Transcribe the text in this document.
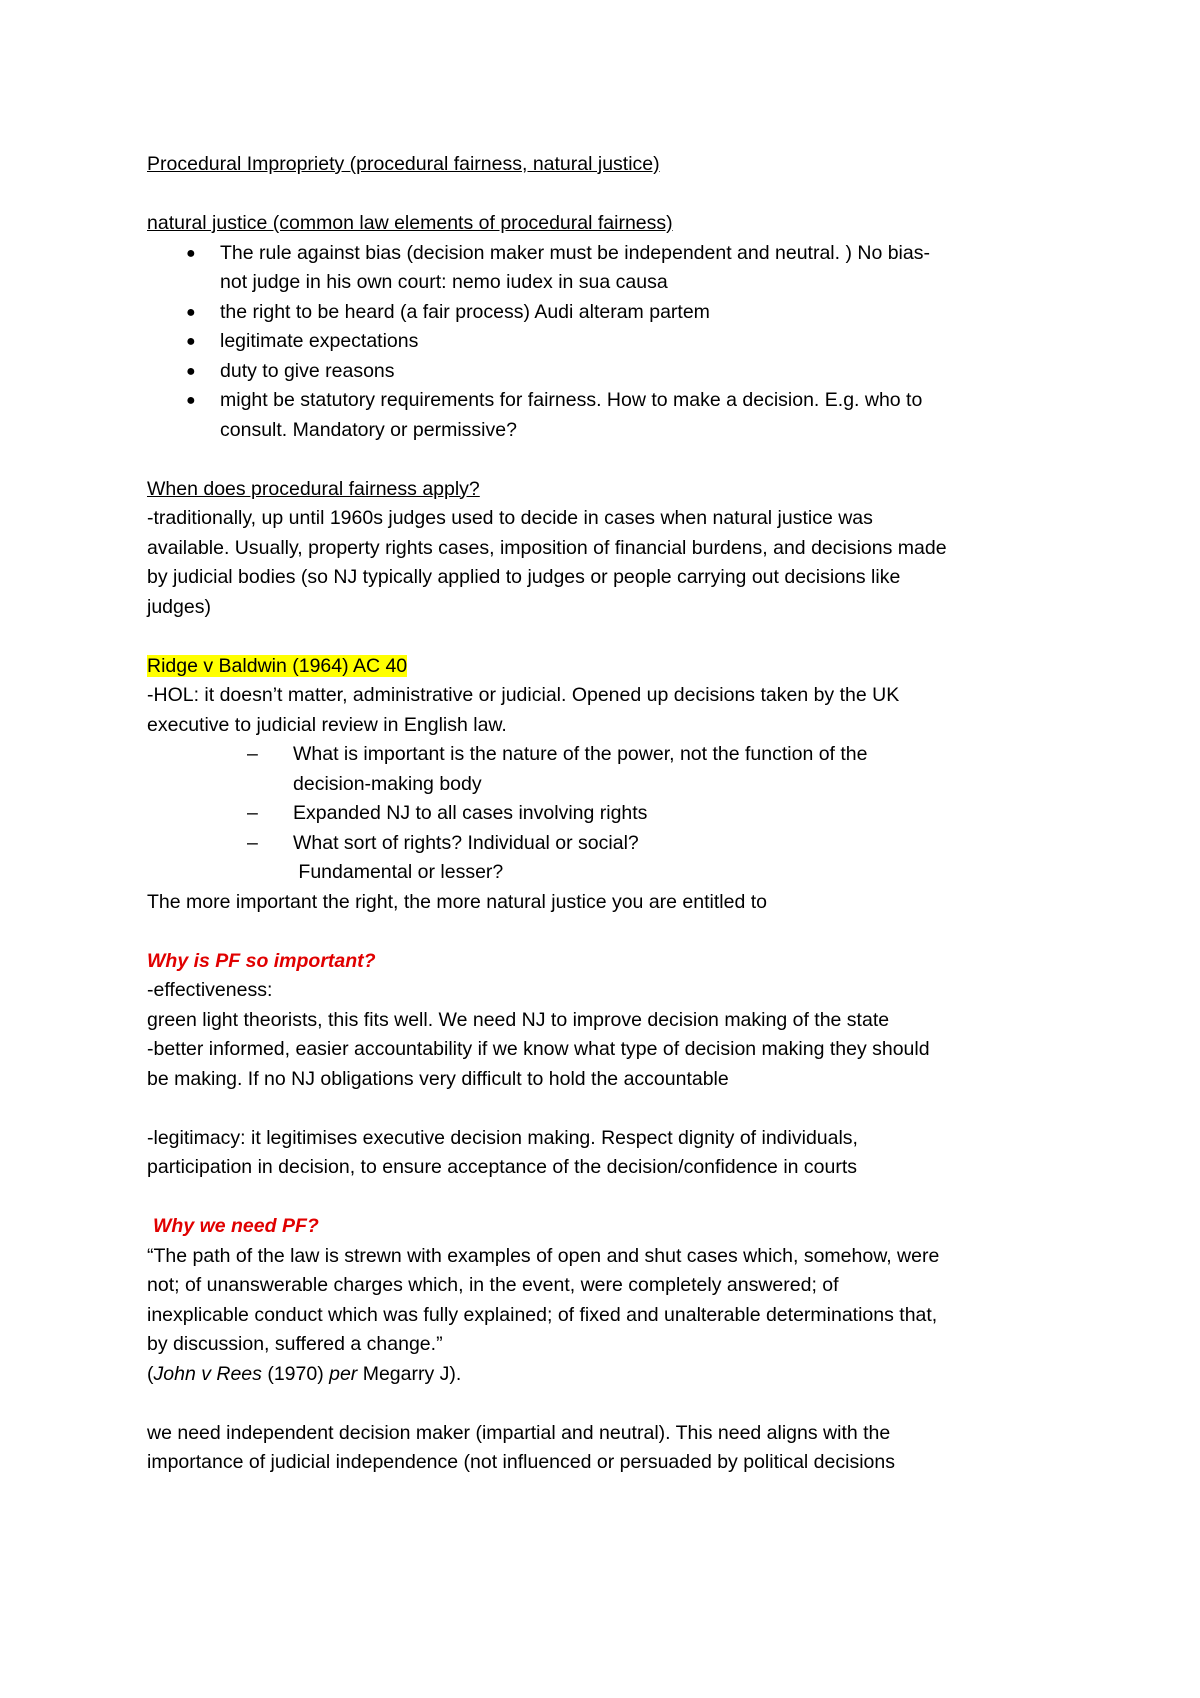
Procedural Impropriety (procedural fairness, natural justice)
natural justice (common law elements of procedural fairness)
● The rule against bias (decision maker must be independent and neutral. ) No bias-
not judge in his own court: nemo iudex in sua causa
● the right to be heard (a fair process) Audi alteram partem
● legitimate expectations
● duty to give reasons
● might be statutory requirements for fairness. How to make a decision. E.g. who to
consult. Mandatory or permissive?
When does procedural fairness apply?
-traditionally, up until 1960s judges used to decide in cases when natural justice was
available. Usually, property rights cases, imposition of financial burdens, and decisions made
by judicial bodies (so NJ typically applied to judges or people carrying out decisions like
judges)
Ridge v Baldwin (1964) AC 40
-HOL: it doesn’t matter, administrative or judicial. Opened up decisions taken by the UK
executive to judicial review in English law.
– What is important is the nature of the power, not the function of the
decision-making body
– Expanded NJ to all cases involving rights
– What sort of rights? Individual or social?
Fundamental or lesser?
The more important the right, the more natural justice you are entitled to
Why is PF so important?
-effectiveness:
green light theorists, this fits well. We need NJ to improve decision making of the state
-better informed, easier accountability if we know what type of decision making they should
be making. If no NJ obligations very difficult to hold the accountable
-legitimacy: it legitimises executive decision making. Respect dignity of individuals,
participation in decision, to ensure acceptance of the decision/confidence in courts
Why we need PF?
“The path of the law is strewn with examples of open and shut cases which, somehow, were
not; of unanswerable charges which, in the event, were completely answered; of
inexplicable conduct which was fully explained; of fixed and unalterable determinations that,
by discussion, suffered a change.”
(John v Rees (1970) per Megarry J).
we need independent decision maker (impartial and neutral). This need aligns with the
importance of judicial independence (not influenced or persuaded by political decisions
